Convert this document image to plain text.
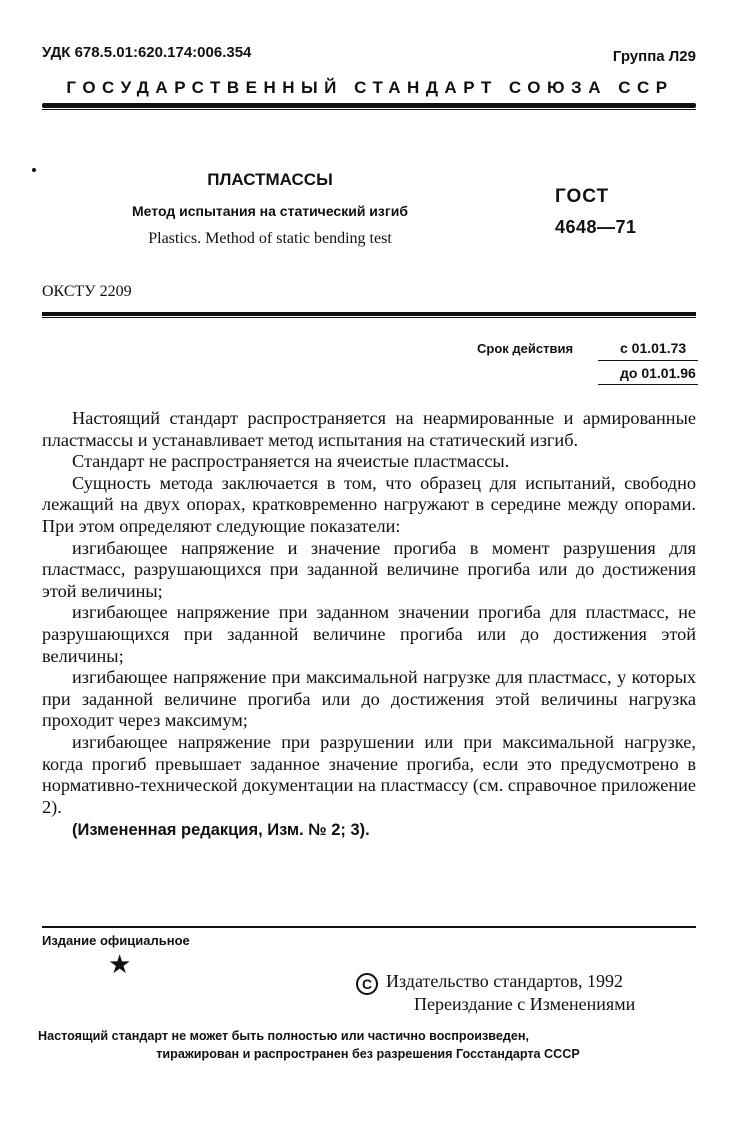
УДК 678.5.01:620.174:006.354	Группа Л29
ГОСУДАРСТВЕННЫЙ СТАНДАРТ СОЮЗА ССР
ПЛАСТМАССЫ
Метод испытания на статический изгиб
Plastics. Method of static bending test
ГОСТ
4648—71
ОКСТУ 2209
Срок действия	с 01.01.73
до 01.01.96

Настоящий стандарт распространяется на неармированные и армированные пластмассы и устанавливает метод испытания на статический изгиб.

Стандарт не распространяется на ячеистые пластмассы.

Сущность метода заключается в том, что образец для испытаний, свободно лежащий на двух опорах, кратковременно нагружают в середине между опорами. При этом определяют следующие показатели:

изгибающее напряжение и значение прогиба в момент разрушения для пластмасс, разрушающихся при заданной величине прогиба или до достижения этой величины;

изгибающее напряжение при заданном значении прогиба для пластмасс, не разрушающихся при заданной величине прогиба или до достижения этой величины;

изгибающее напряжение при максимальной нагрузке для пластмасс, у которых при заданной величине прогиба или до достижения этой величины нагрузка проходит через максимум;

изгибающее напряжение при разрушении или при максимальной нагрузке, когда прогиб превышает заданное значение прогиба, если это предусмотрено в нормативно-технической документации на пластмассу (см. справочное приложение 2).

(Измененная редакция, Изм. № 2; 3).

Издание официальное
★
C Издательство стандартов, 1992
Переиздание с Изменениями
Настоящий стандарт не может быть полностью или частично воспроизведен,
тиражирован и распространен без разрешения Госстандарта СССР
